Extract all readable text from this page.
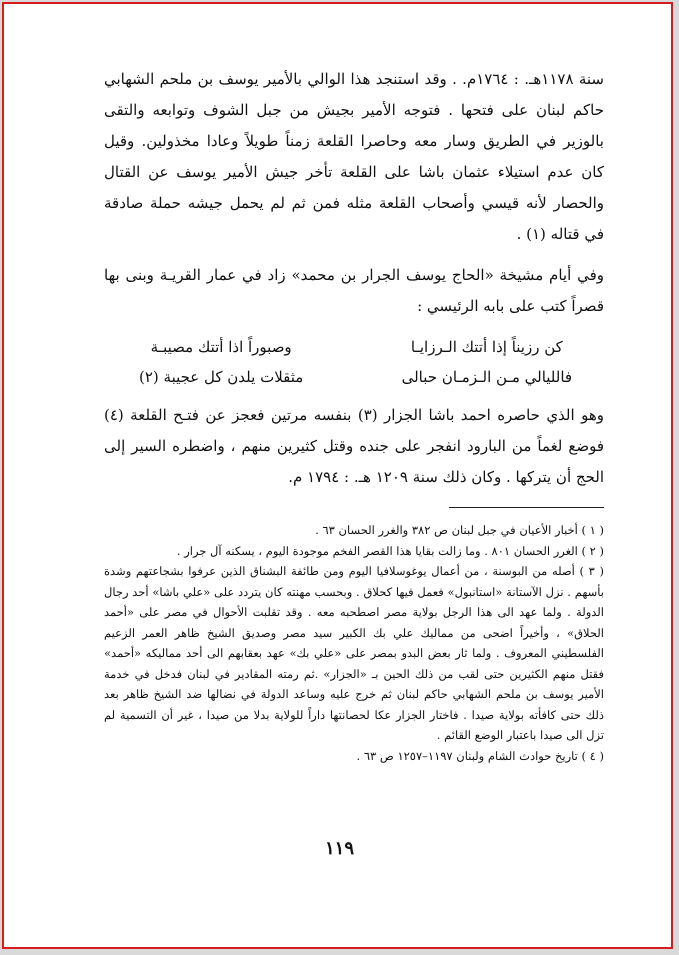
سنة ١١٧٨هـ. : ١٧٦٤م. . وقد استنجد هذا الوالي بالأمير يوسف بن ملحم الشهابي حاكم لبنان على فتحها . فتوجه الأمير بجيش من جبل الشوف وتوابعه والتقى بالوزير في الطريق وسار معه وحاصرا القلعة زمناً طويلاً وعادا مخذولين. وقيل كان عدم استيلاء عثمان باشا على القلعة تأخر جيش الأمير يوسف عن القتال والحصار لأنه قيسي وأصحاب القلعة مثله فمن ثم لم يحمل جيشه حملة صادقة في قتاله (١) .

وفي أيام مشيخة «الحاج يوسف الجرار بن محمد» زاد في عمار القريـة وبنى بها قصراً كتب على بابه الرئيسي :

كن رزيناً إذا أتتك الـرزايـا
وصبوراً اذا أتتك مصيبـة
فالليالي مـن الـزمـان حبالى
مثقلات يلدن كل عجيبة (٢)

وهو الذي حاصره احمد باشا الجزار (٣) بنفسه مرتين فعجز عن فتـح القلعة (٤) فوضع لغماً من البارود انفجر على جنده وقتل كثيرين منهم ، واضطره السير إلى الحج أن يتركها . وكان ذلك سنة ١٢٠٩ هـ. : ١٧٩٤ م.

( ١ ) أخبار الأعيان في جبل لبنان ص ٣٨٢ والغرر الحسان ٦٣ .

( ٢ ) الغرر الحسان ٨٠١ . وما زالت بقايا هذا القصر الفخم موجودة اليوم ، يسكنه آل جرار .

( ٣ ) أصله من البوسنة ، من أعمال يوغوسلافيا اليوم ومن طائفة البشناق الذين عرفوا بشجاعتهم وشدة بأسهم . نزل الآستانة «استانبول» فعمل فيها كحلاق . وبحسب مهنته كان يتردد على «علي باشا» أحد رجال الدولة . ولما عهد الى هذا الرجل بولاية مصر اصطحبه معه . وقد تقلبت الأحوال في مصر على «أحمد الحلاق» ، وأخيراً اضحى من مماليك علي بك الكبير سيد مصر وصديق الشيخ ظاهر العمر الزعيم الفلسطيني المعروف . ولما ثار بعض البدو بمصر على «علي بك» عهد بعقابهم الى أحد مماليكه «أحمد» فقتل منهم الكثيرين حتى لقب من ذلك الحين بـ «الجزار» .ثم رمته المقادير في لبنان فدخل في خدمة الأمير يوسف بن ملحم الشهابي حاكم لبنان ثم خرج عليه وساعد الدولة في نضالها ضد الشيخ ظاهر بعد ذلك حتى كافأته بولاية صيدا . فاختار الجزار عكا لحصانتها داراً للولاية بدلا من صيدا ، غير أن التسمية لم تزل الى صيدا باعتبار الوضع القائم .

( ٤ ) تاريخ حوادث الشام ولبنان ١١٩٧–١٢٥٧ ص ٦٣ .

١١٩
